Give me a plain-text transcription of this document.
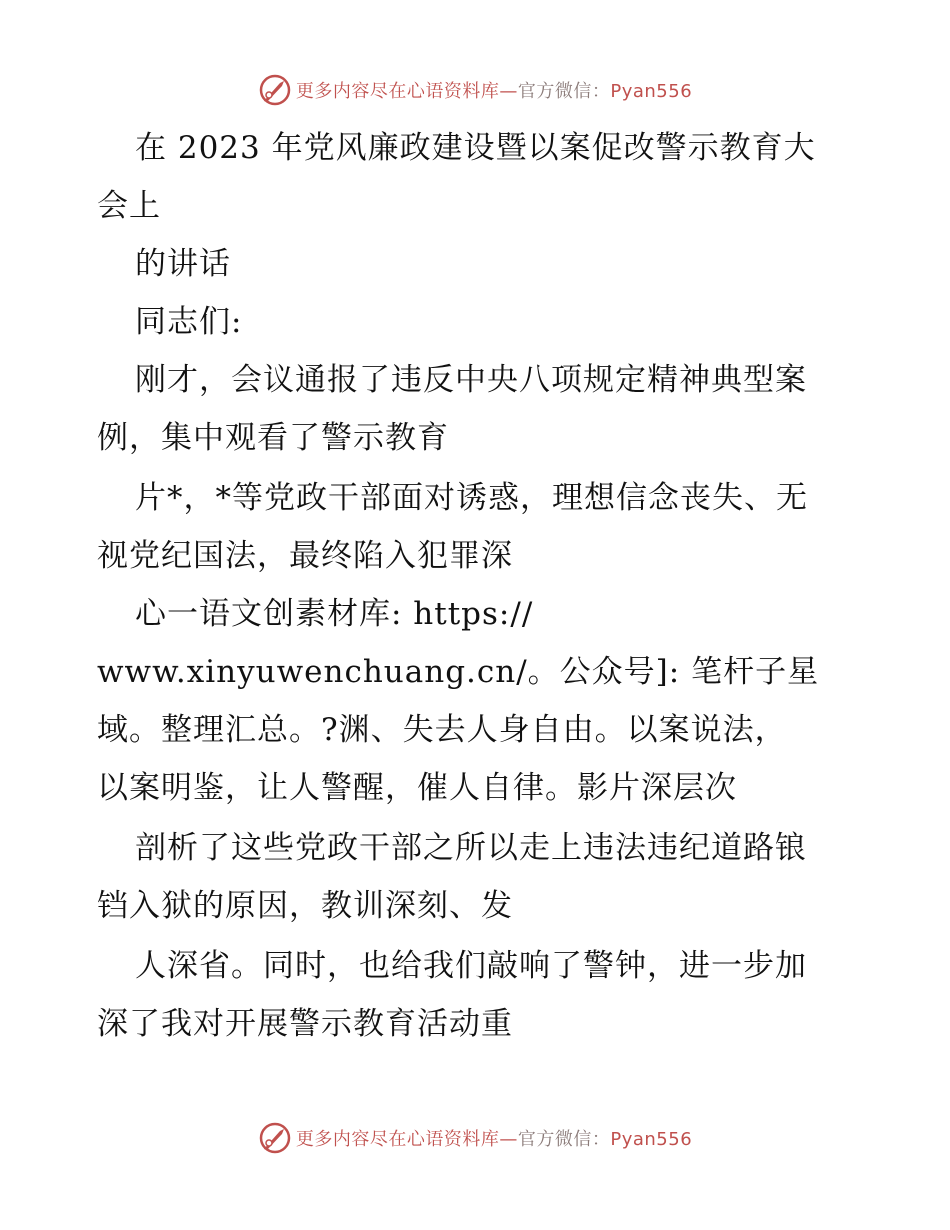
更多内容尽在心语资料库—官方微信：Pyan556
在 2023 年党风廉政建设暨以案促改警示教育大
会上
的讲话
同志们:
刚才，会议通报了违反中央八项规定精神典型案
例，集中观看了警示教育
片*，*等党政干部面对诱惑，理想信念丧失、无
视党纪国法，最终陷入犯罪深
心一语文创素材库: https://
www.xinyuwenchuang.cn/。公众号]: 笔杆子星
域。整理汇总。?渊、失去人身自由。以案说法，
以案明鉴，让人警醒，催人自律。影片深层次
剖析了这些党政干部之所以走上违法违纪道路锒
铛入狱的原因，教训深刻、发
人深省。同时，也给我们敲响了警钟，进一步加
深了我对开展警示教育活动重
更多内容尽在心语资料库—官方微信：Pyan556
